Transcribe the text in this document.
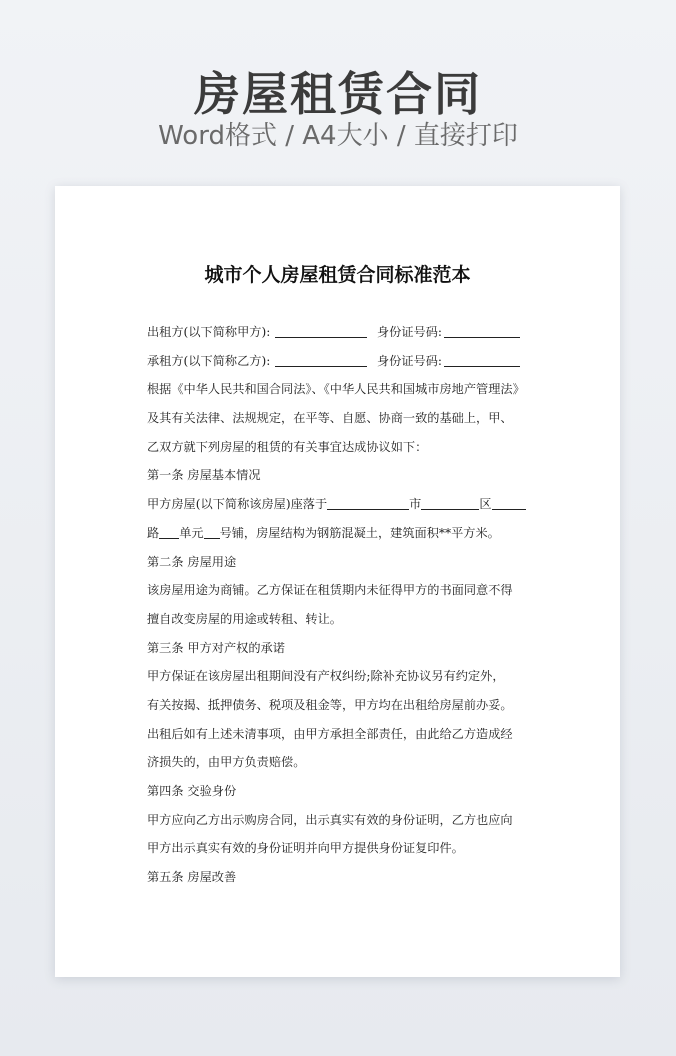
房屋租赁合同
Word格式 / A4大小 / 直接打印
城市个人房屋租赁合同标准范本
出租方(以下简称甲方):	身份证号码:
承租方(以下简称乙方):	身份证号码:
根据《中华人民共和国合同法》、《中华人民共和国城市房地产管理法》
及其有关法律、法规规定，在平等、自愿、协商一致的基础上，甲、
乙双方就下列房屋的租赁的有关事宜达成协议如下：
第一条 房屋基本情况
甲方房屋(以下简称该房屋)座落于	市	区
路 单元 号铺，房屋结构为钢筋混凝土，建筑面积**平方米。
第二条 房屋用途
该房屋用途为商铺。乙方保证在租赁期内未征得甲方的书面同意不得
擅自改变房屋的用途或转租、转让。
第三条 甲方对产权的承诺
甲方保证在该房屋出租期间没有产权纠纷;除补充协议另有约定外，
有关按揭、抵押债务、税项及租金等，甲方均在出租给房屋前办妥。
出租后如有上述未清事项，由甲方承担全部责任，由此给乙方造成经
济损失的，由甲方负责赔偿。
第四条 交验身份
甲方应向乙方出示购房合同，出示真实有效的身份证明，乙方也应向
甲方出示真实有效的身份证明并向甲方提供身份证复印件。
第五条 房屋改善
